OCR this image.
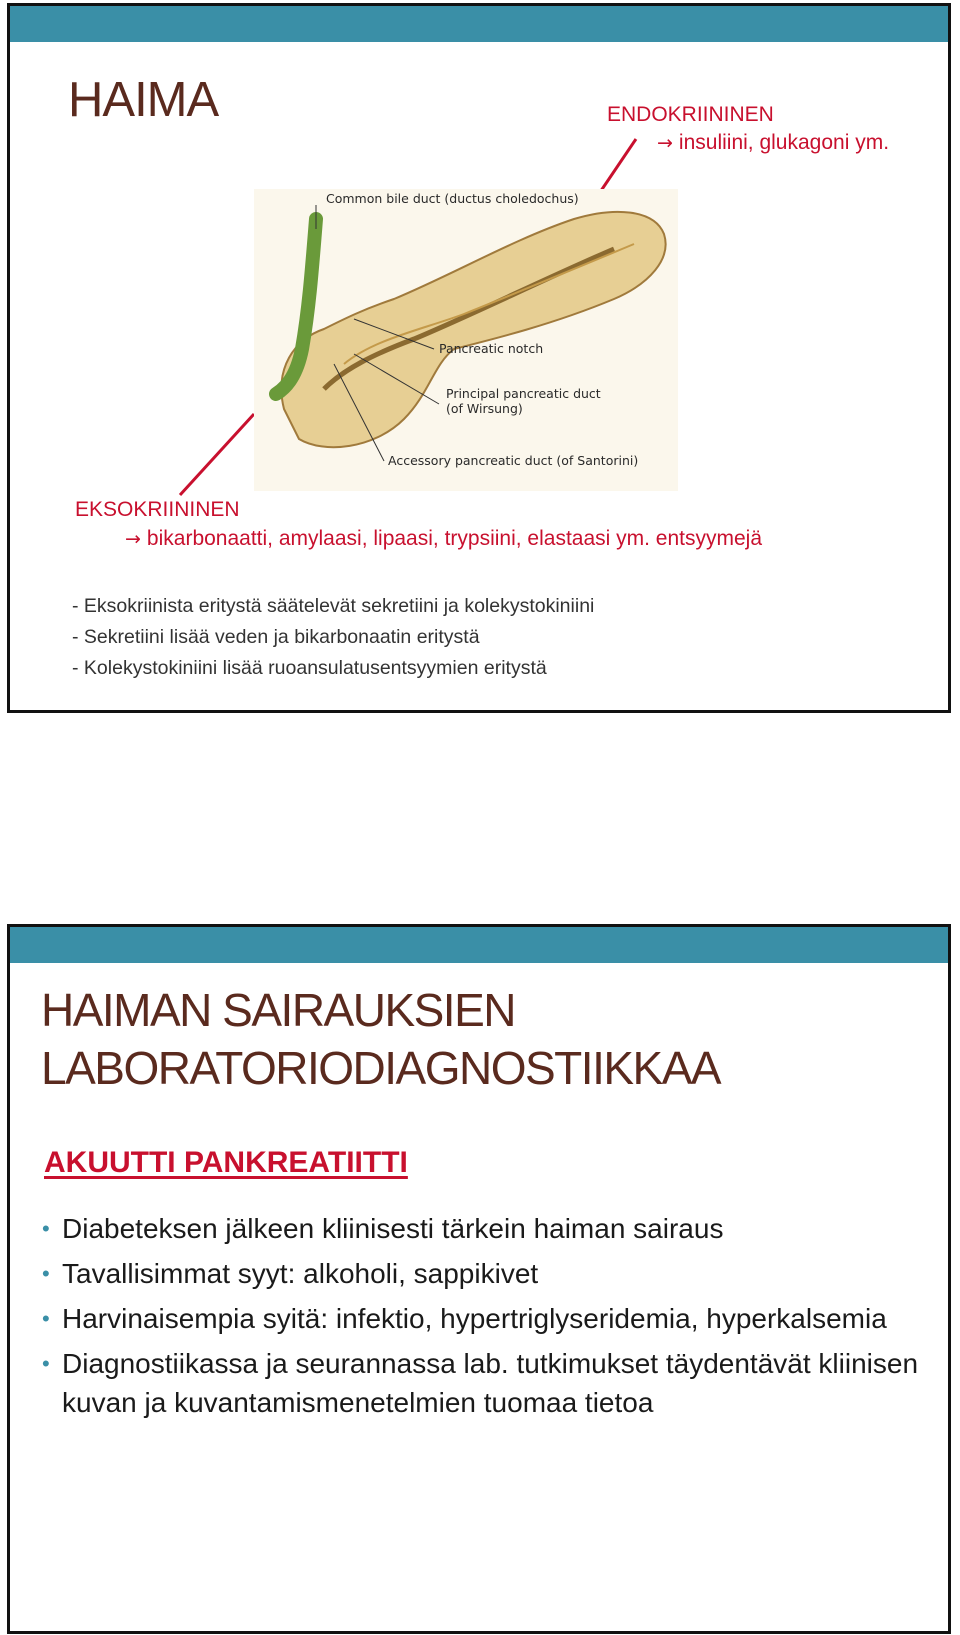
HAIMA	ENDOKRIININEN
→ insuliini, glukagoni ym.
Common bile duct (ductus choledochus)
Pancreatic notch
Principal pancreatic duct
(of Wirsung)
Accessory pancreatic duct (of Santorini)
EKSOKRIININEN
→ bikarbonaatti, amylaasi, lipaasi, trypsiini, elastaasi ym. entsyymejä
- Eksokriinista eritystä säätelevät sekretiini ja kolekystokiniini
- Sekretiini lisää veden ja bikarbonaatin eritystä
- Kolekystokiniini lisää ruoansulatusentsyymien eritystä
HAIMAN SAIRAUKSIEN
LABORATORIODIAGNOSTIIKKAA
AKUUTTI PANKREATIITTI
• Diabeteksen jälkeen kliinisesti tärkein haiman sairaus
• Tavallisimmat syyt: alkoholi, sappikivet
• Harvinaisempia syitä: infektio, hypertriglyseridemia, hyperkalsemia
• Diagnostiikassa ja seurannassa lab. tutkimukset täydentävät kliinisen kuvan ja kuvantamismenetelmien tuomaa tietoa
